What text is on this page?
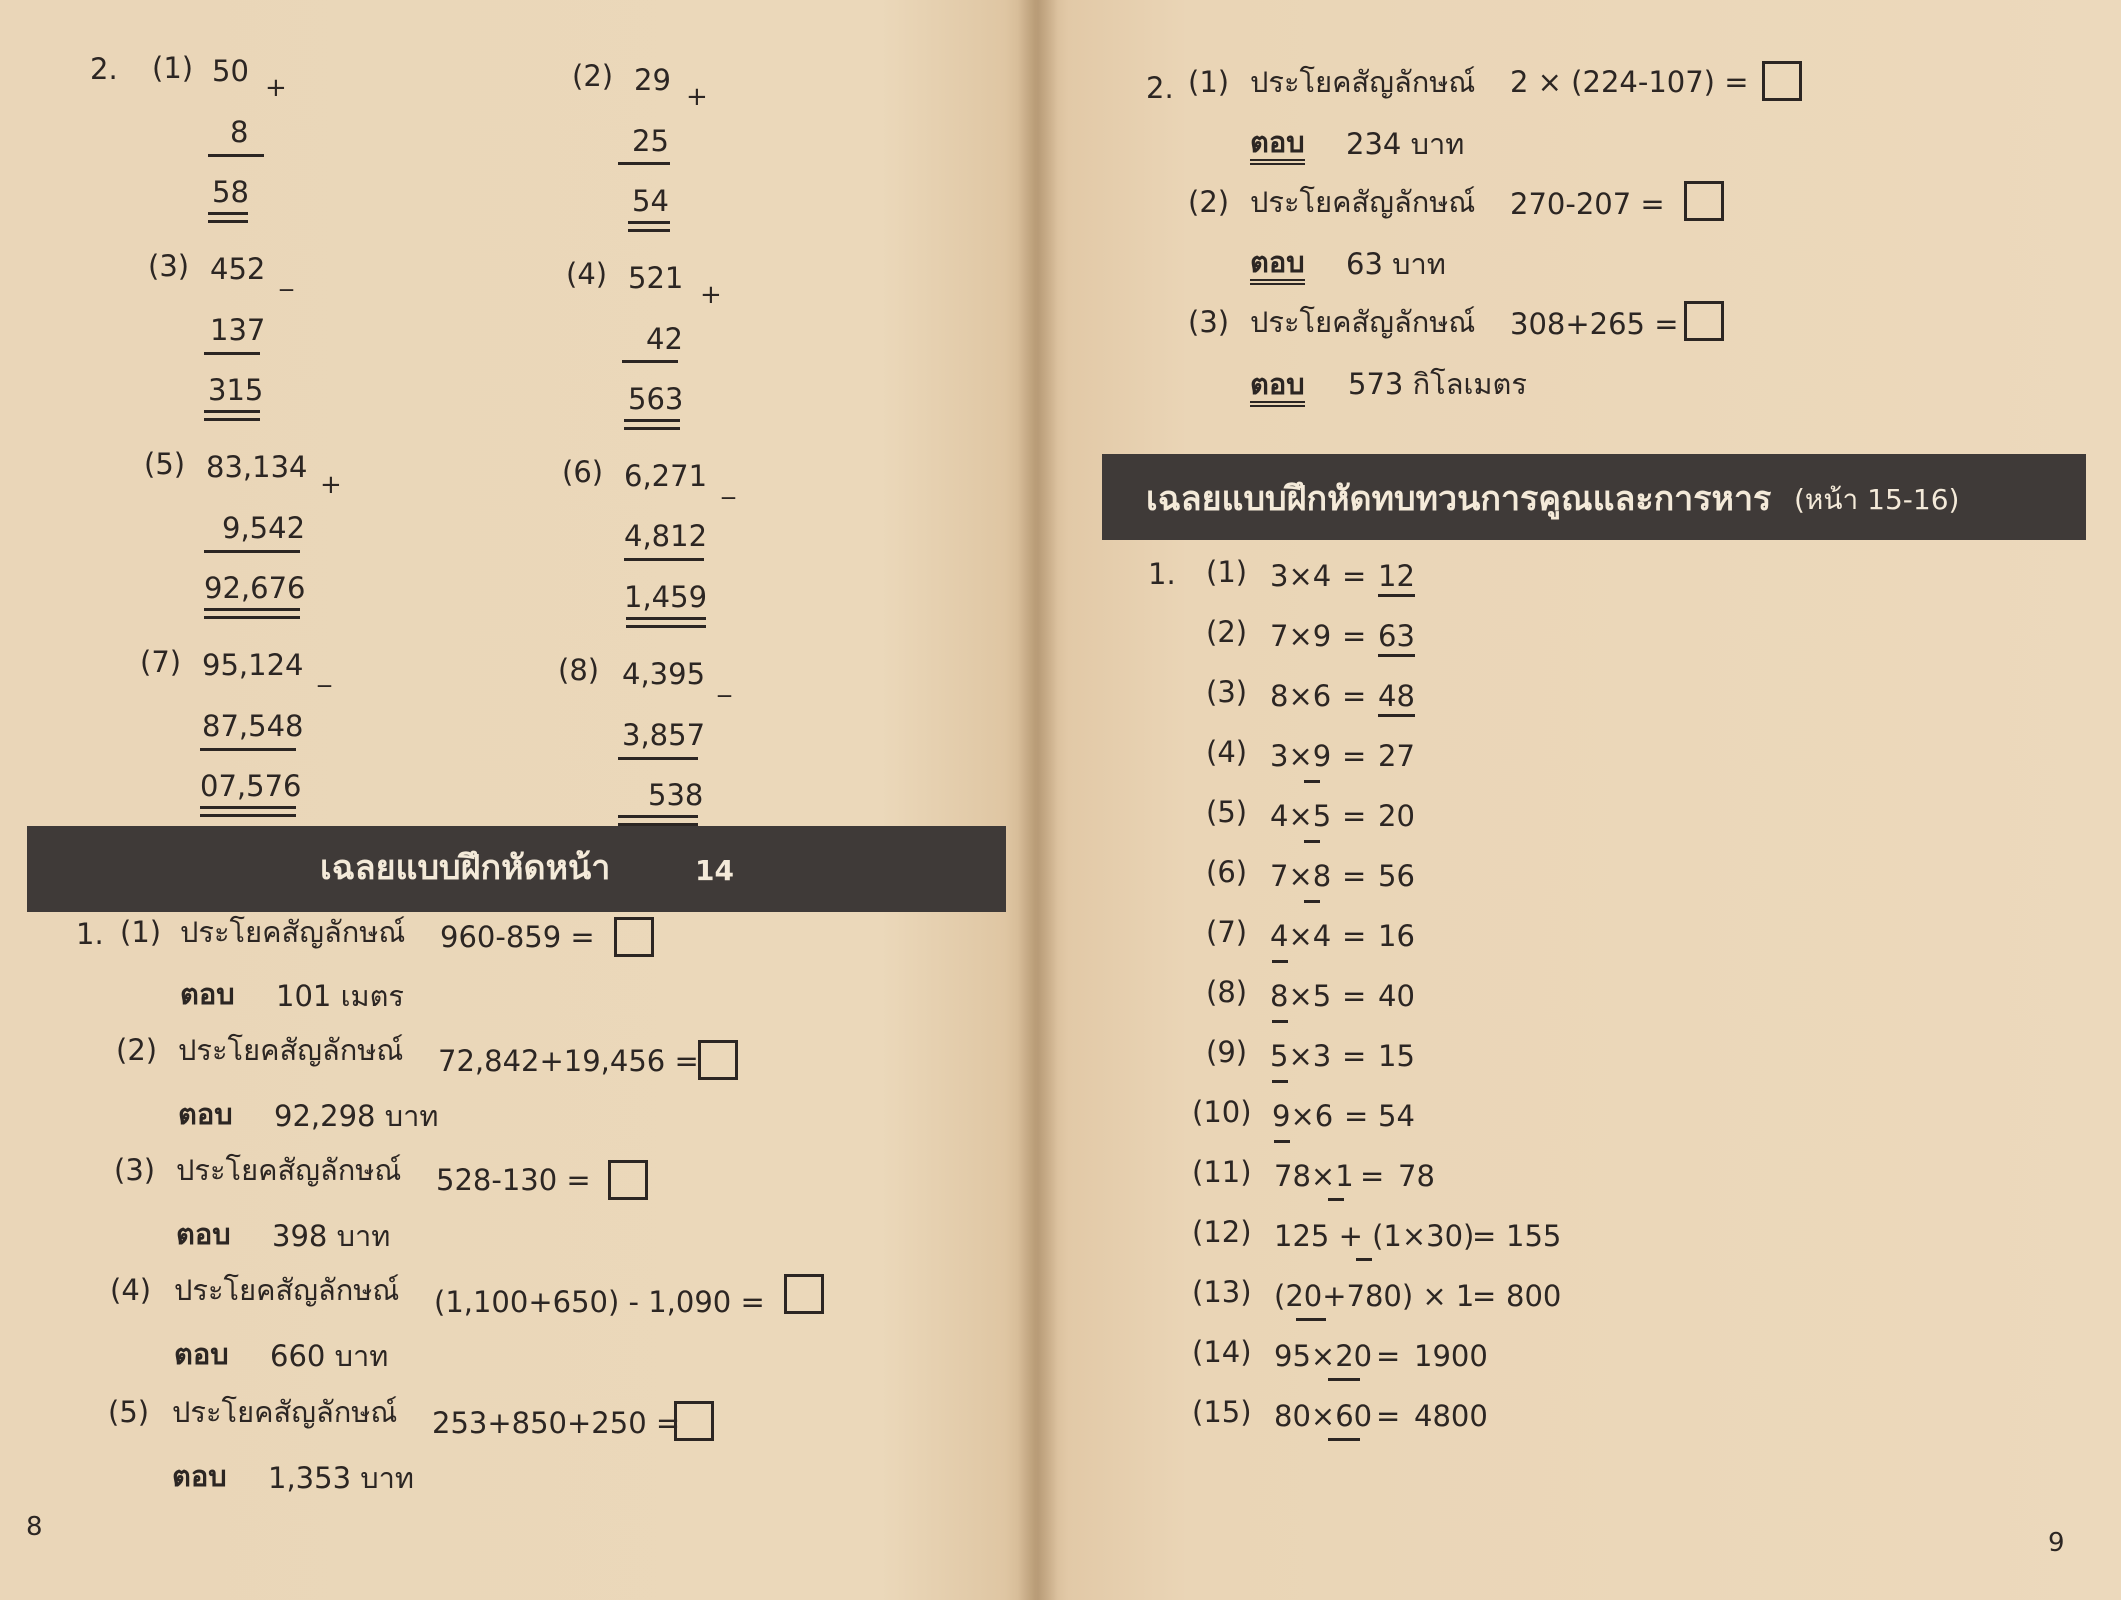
2. (1) 50 +
8
58
(2) 29 +
25
54
(3) 452 _
137
315
(4) 521 +
42
563
(5) 83,134
+
9,542
92,676
(6) 6,271 _
4,812
1,459
(7) 95,124 _
87,548
07,576
(8) 4,395 _
3,857
538
เฉลยแบบฝึกหัดหน้า	14
1. (1) ประโยคสัญลักษณ์ 960-859 =
ตอบ 101 เมตร
(2) ประโยคสัญลักษณ์ 72,842+19,456 =
ตอบ 92,298 บาท
(3) ประโยคสัญลักษณ์ 528-130 =
ตอบ 398 บาท
(4) ประโยคสัญลักษณ์ (1,100+650) - 1,090 =
ตอบ 660 บาท
(5) ประโยคสัญลักษณ์ 253+850+250 =
ตอบ 1,353 บาท
8
2. (1) ประโยคสัญลักษณ์ 2 × (224-107) =
ตอบ 234 บาท
(2) ประโยคสัญลักษณ์ 270-207 =
ตอบ 63 บาท
(3) ประโยคสัญลักษณ์ 308+265 =
ตอบ 573 กิโลเมตร
เฉลยแบบฝึกหัดทบทวนการคูณและการหาร (หน้า 15-16)
1. (1) 3×4 = 12
(2) 7×9 = 63
(3) 8×6 = 48
(4) 3×9 = 27
(5) 4×5 = 20
(6) 7×8 = 56
(7) 4×4 = 16
(8) 8×5 = 40
(9) 5×3 = 15
(10) 9×6 = 54
(11) 78×1 = 78
(12) 125 + (1×30)
= 155
(13) (20+780) × 1
= 800
(14) 95×20 = 1900
(15) 80×60 = 4800
9
